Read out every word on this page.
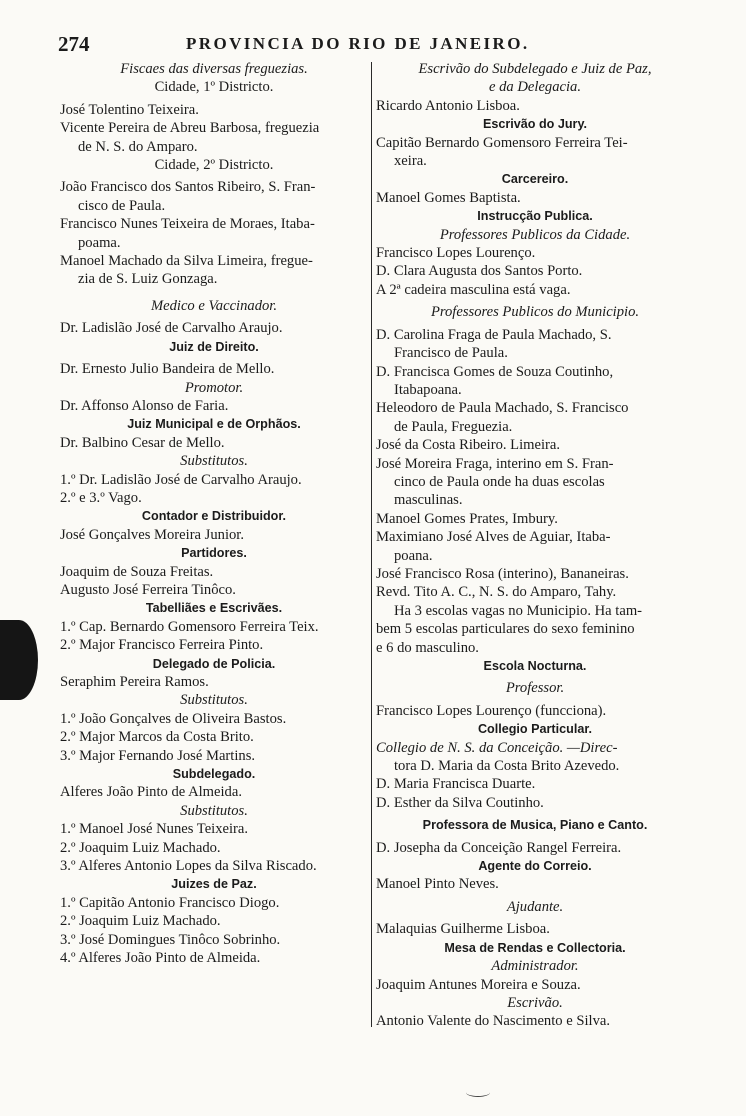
274	PROVINCIA DO RIO DE JANEIRO.
Fiscaes das diversas freguezias.
Cidade, 1º Districto.
José Tolentino Teixeira.
Vicente Pereira de Abreu Barbosa, freguezia
de N. S. do Amparo.
Cidade, 2º Districto.
João Francisco dos Santos Ribeiro, S. Fran-
cisco de Paula.
Francisco Nunes Teixeira de Moraes, Itaba-
poama.
Manoel Machado da Silva Limeira, fregue-
zia de S. Luiz Gonzaga.
Medico e Vaccinador.
Dr. Ladislão José de Carvalho Araujo.
Juiz de Direito.
Dr. Ernesto Julio Bandeira de Mello.
Promotor.
Dr. Affonso Alonso de Faria.
Juiz Municipal e de Orphãos.
Dr. Balbino Cesar de Mello.
Substitutos.
1.º Dr. Ladislão José de Carvalho Araujo.
2.º e 3.º Vago.
Contador e Distribuidor.
José Gonçalves Moreira Junior.
Partidores.
Joaquim de Souza Freitas.
Augusto José Ferreira Tinôco.
Tabelliães e Escrivães.
1.º Cap. Bernardo Gomensoro Ferreira Teix.
2.º Major Francisco Ferreira Pinto.
Delegado de Policia.
Seraphim Pereira Ramos.
Substitutos.
1.º João Gonçalves de Oliveira Bastos.
2.º Major Marcos da Costa Brito.
3.º Major Fernando José Martins.
Subdelegado.
Alferes João Pinto de Almeida.
Substitutos.
1.º Manoel José Nunes Teixeira.
2.º Joaquim Luiz Machado.
3.º Alferes Antonio Lopes da Silva Riscado.
Juizes de Paz.
1.º Capitão Antonio Francisco Diogo.
2.º Joaquim Luiz Machado.
3.º José Domingues Tinôco Sobrinho.
4.º Alferes João Pinto de Almeida.
Escrivão do Subdelegado e Juiz de Paz,
e da Delegacia.
Ricardo Antonio Lisboa.
Escrivão do Jury.
Capitão Bernardo Gomensoro Ferreira Tei-
xeira.
Carcereiro.
Manoel Gomes Baptista.
Instrucção Publica.
Professores Publicos da Cidade.
Francisco Lopes Lourenço.
D. Clara Augusta dos Santos Porto.
A 2ª cadeira masculina está vaga.
Professores Publicos do Municipio.
D. Carolina Fraga de Paula Machado, S.
Francisco de Paula.
D. Francisca Gomes de Souza Coutinho,
Itabapoana.
Heleodoro de Paula Machado, S. Francisco
de Paula, Freguezia.
José da Costa Ribeiro. Limeira.
José Moreira Fraga, interino em S. Fran-
cinco de Paula onde ha duas escolas
masculinas.
Manoel Gomes Prates, Imbury.
Maximiano José Alves de Aguiar, Itaba-
poana.
José Francisco Rosa (interino), Bananeiras.
Revd. Tito A. C., N. S. do Amparo, Tahy.
Ha 3 escolas vagas no Municipio. Ha tam-
bem 5 escolas particulares do sexo feminino
e 6 do masculino.
Escola Nocturna.
Professor.
Francisco Lopes Lourenço (funcciona).
Collegio Particular.
Collegio de N. S. da Conceição. —Direc-
tora D. Maria da Costa Brito Azevedo.
D. Maria Francisca Duarte.
D. Esther da Silva Coutinho.
Professora de Musica, Piano e Canto.
D. Josepha da Conceição Rangel Ferreira.
Agente do Correio.
Manoel Pinto Neves.
Ajudante.
Malaquias Guilherme Lisboa.
Mesa de Rendas e Collectoria.
Administrador.
Joaquim Antunes Moreira e Souza.
Escrivão.
Antonio Valente do Nascimento e Silva.
